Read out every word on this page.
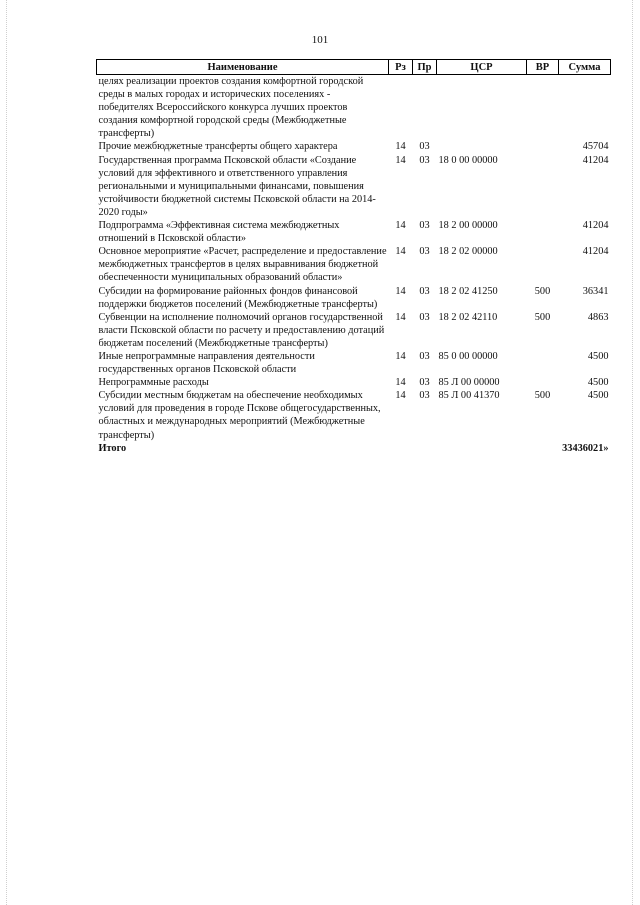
101
Наименование	Рз	Пр	ЦСР	ВР	Сумма
целях реализации проектов создания комфортной городской среды в малых городах и исторических поселениях - победителях Всероссийского конкурса лучших проектов создания комфортной городской среды (Межбюджетные трансферты)					
Прочие межбюджетные трансферты общего характера	14	03			45704
Государственная программа Псковской области «Создание условий для эффективного и ответственного управления региональными и муниципальными финансами, повышения устойчивости бюджетной системы Псковской области на 2014-2020 годы»	14	03	18 0 00 00000		41204
Подпрограмма «Эффективная система межбюджетных отношений в Псковской области»	14	03	18 2 00 00000		41204
Основное мероприятие «Расчет, распределение и предоставление межбюджетных трансфертов в целях выравнивания бюджетной обеспеченности муниципальных образований области»	14	03	18 2 02 00000		41204
Субсидии на формирование районных фондов финансовой поддержки бюджетов поселений (Межбюджетные трансферты)	14	03	18 2 02 41250	500	36341
Субвенции на исполнение полномочий органов государственной власти Псковской области по расчету и предоставлению дотаций бюджетам поселений (Межбюджетные трансферты)	14	03	18 2 02 42110	500	4863
Иные непрограммные направления деятельности государственных органов Псковской области	14	03	85 0 00 00000		4500
Непрограммные расходы	14	03	85 Л 00 00000		4500
Субсидии местным бюджетам на обеспечение необходимых условий для проведения в городе Пскове общегосударственных, областных и международных мероприятий (Межбюджетные трансферты)	14	03	85 Л 00 41370	500	4500
Итого					33436021»
